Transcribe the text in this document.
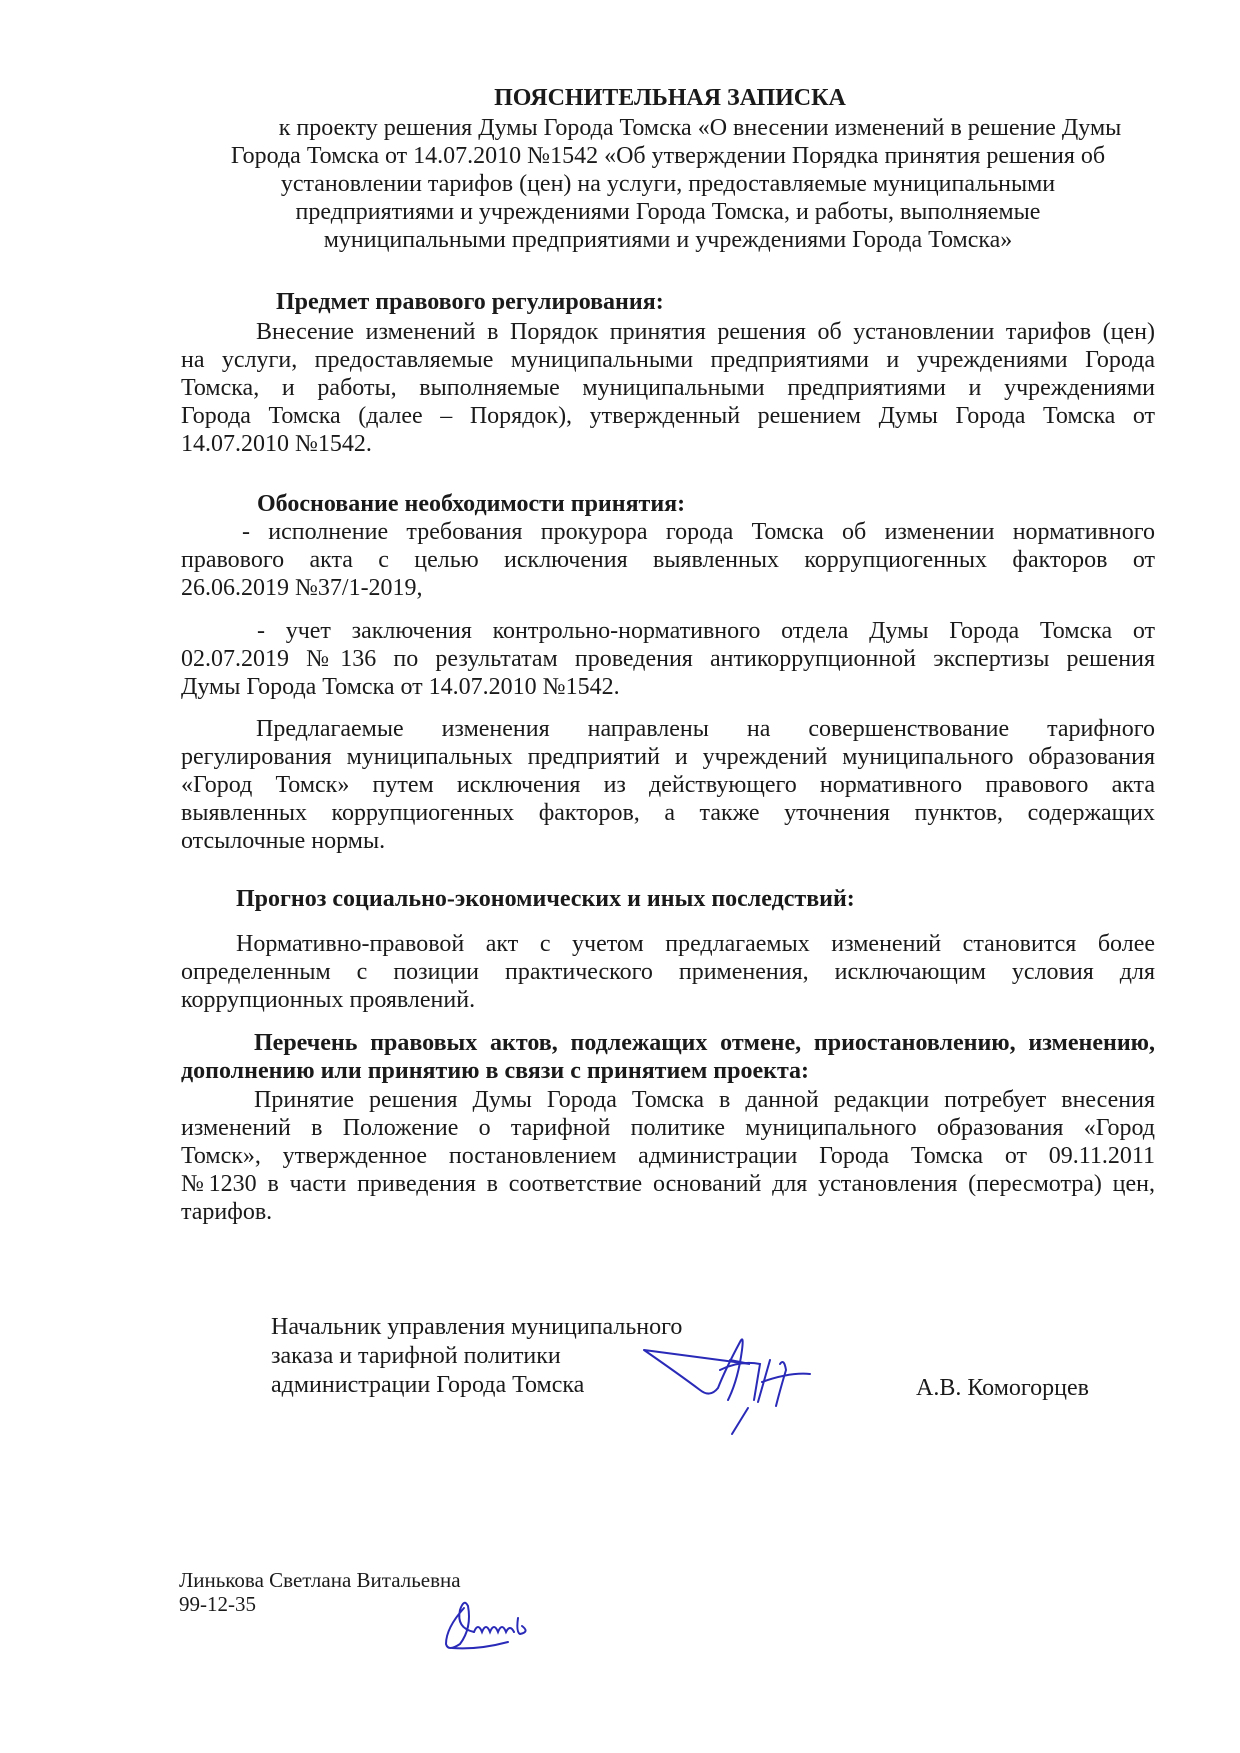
ПОЯСНИТЕЛЬНАЯ ЗАПИСКА
к проекту решения Думы Города Томска «О внесении изменений в решение Думы
Города Томска от 14.07.2010 №1542 «Об утверждении Порядка принятия решения об
установлении тарифов (цен) на услуги, предоставляемые муниципальными
предприятиями и учреждениями Города Томска, и работы, выполняемые
муниципальными предприятиями и учреждениями Города Томска»
Предмет правового регулирования:
Внесение изменений в Порядок принятия решения об установлении тарифов (цен)
на услуги, предоставляемые муниципальными предприятиями и учреждениями Города
Томска, и работы, выполняемые муниципальными предприятиями и учреждениями
Города Томска (далее – Порядок), утвержденный решением Думы Города Томска от
14.07.2010 №1542.
Обоснование необходимости принятия:
- исполнение требования прокурора города Томска об изменении нормативного
правового акта с целью исключения выявленных коррупциогенных факторов от
26.06.2019 №37/1-2019,
- учет заключения контрольно-нормативного отдела Думы Города Томска от
02.07.2019 №136 по результатам проведения антикоррупционной экспертизы решения
Думы Города Томска от 14.07.2010 №1542.
Предлагаемые изменения направлены на совершенствование тарифного
регулирования муниципальных предприятий и учреждений муниципального образования
«Город Томск» путем исключения из действующего нормативного правового акта
выявленных коррупциогенных факторов, а также уточнения пунктов, содержащих
отсылочные нормы.
Прогноз социально-экономических и иных последствий:
Нормативно-правовой акт с учетом предлагаемых изменений становится более
определенным с позиции практического применения, исключающим условия для
коррупционных проявлений.
Перечень правовых актов, подлежащих отмене, приостановлению, изменению,
дополнению или принятию в связи с принятием проекта:
Принятие решения Думы Города Томска в данной редакции потребует внесения
изменений в Положение о тарифной политике муниципального образования «Город
Томск», утвержденное постановлением администрации Города Томска от 09.11.2011
№1230 в части приведения в соответствие оснований для установления (пересмотра) цен,
тарифов.
Начальник управления муниципального
заказа и тарифной политики
администрации Города Томска	А.В. Комогорцев
Линькова Светлана Витальевна
99-12-35
